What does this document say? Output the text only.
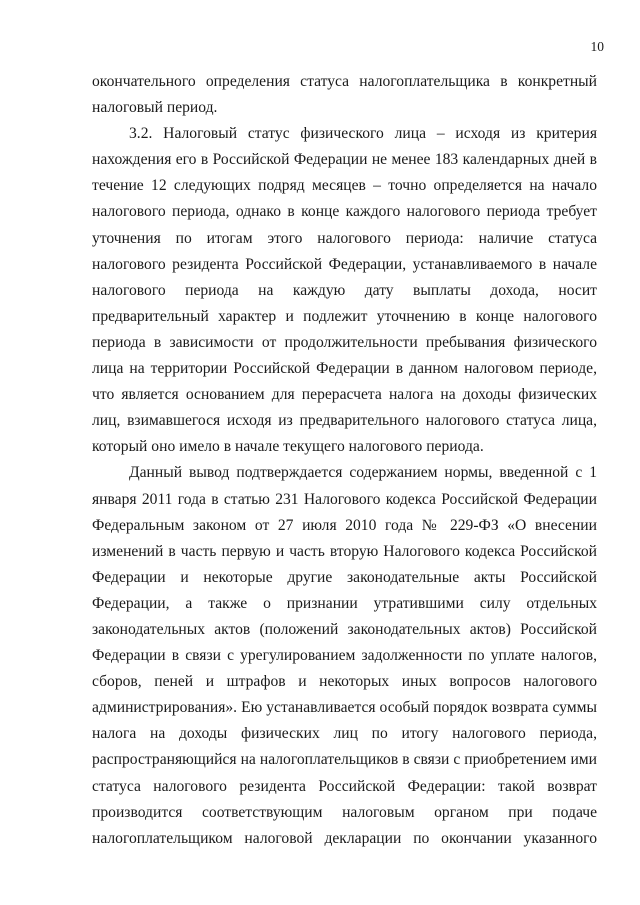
10
окончательного определения статуса налогоплательщика в конкретный
налоговый период.
3.2. Налоговый статус физического лица – исходя из критерия
нахождения его в Российской Федерации не менее 183 календарных дней в
течение 12 следующих подряд месяцев – точно определяется на начало
налогового периода, однако в конце каждого налогового периода требует
уточнения по итогам этого налогового периода: наличие статуса
налогового резидента Российской Федерации, устанавливаемого в начале
налогового периода на каждую дату выплаты дохода, носит
предварительный характер и подлежит уточнению в конце налогового
периода в зависимости от продолжительности пребывания физического
лица на территории Российской Федерации в данном налоговом периоде,
что является основанием для перерасчета налога на доходы физических
лиц, взимавшегося исходя из предварительного налогового статуса лица,
который оно имело в начале текущего налогового периода.
Данный вывод подтверждается содержанием нормы, введенной с 1
января 2011 года в статью 231 Налогового кодекса Российской Федерации
Федеральным законом от 27 июля 2010 года № 229-ФЗ «О внесении
изменений в часть первую и часть вторую Налогового кодекса Российской
Федерации и некоторые другие законодательные акты Российской
Федерации, а также о признании утратившими силу отдельных
законодательных актов (положений законодательных актов) Российской
Федерации в связи с урегулированием задолженности по уплате налогов,
сборов, пеней и штрафов и некоторых иных вопросов налогового
администрирования». Ею устанавливается особый порядок возврата суммы
налога на доходы физических лиц по итогу налогового периода,
распространяющийся на налогоплательщиков в связи с приобретением ими
статуса налогового резидента Российской Федерации: такой возврат
производится соответствующим налоговым органом при подаче
налогоплательщиком налоговой декларации по окончании указанного
